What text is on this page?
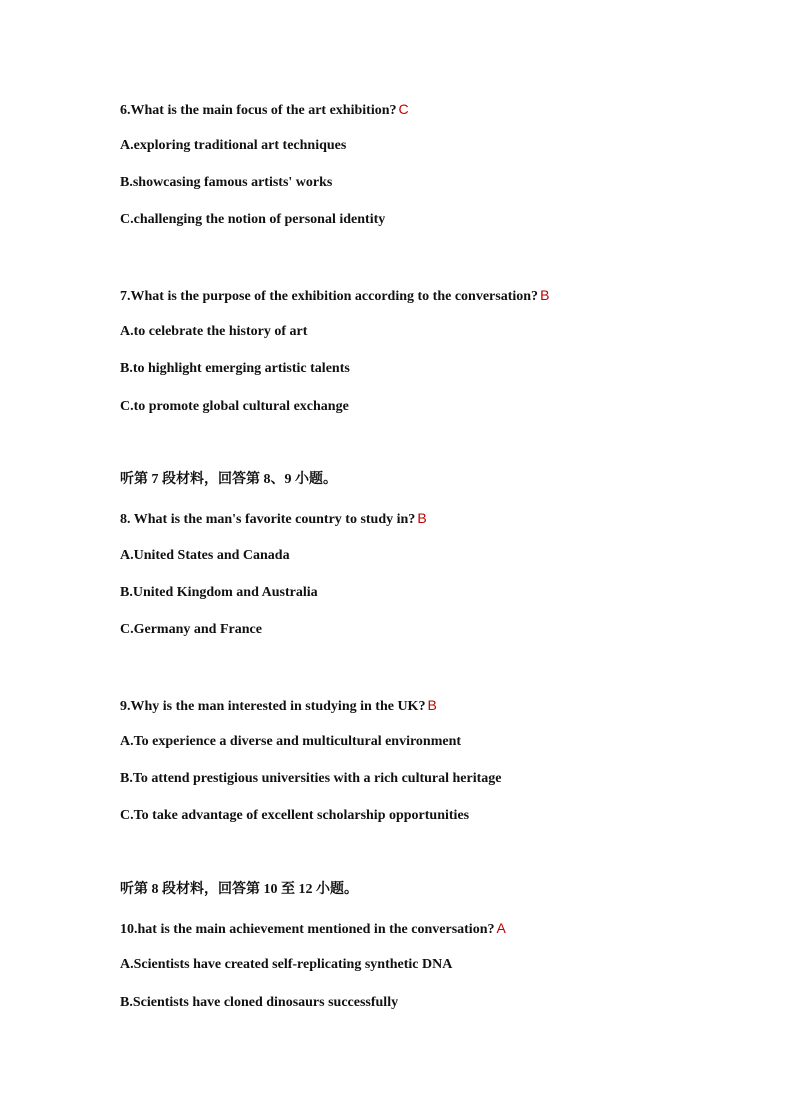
6.What is the main focus of the art exhibition? C
A.exploring traditional art techniques
B.showcasing famous artists' works
C.challenging the notion of personal identity
7.What is the purpose of the exhibition according to the conversation? B
A.to celebrate the history of art
B.to highlight emerging artistic talents
C.to promote global cultural exchange
听第 7 段材料，回答第 8、9 小题。
8. What is the man's favorite country to study in? B
A.United States and Canada
B.United Kingdom and Australia
C.Germany and France
9.Why is the man interested in studying in the UK? B
A.To experience a diverse and multicultural environment
B.To attend prestigious universities with a rich cultural heritage
C.To take advantage of excellent scholarship opportunities
听第 8 段材料，回答第 10 至 12 小题。
10.hat is the main achievement mentioned in the conversation? A
A.Scientists have created self-replicating synthetic DNA
B.Scientists have cloned dinosaurs successfully
